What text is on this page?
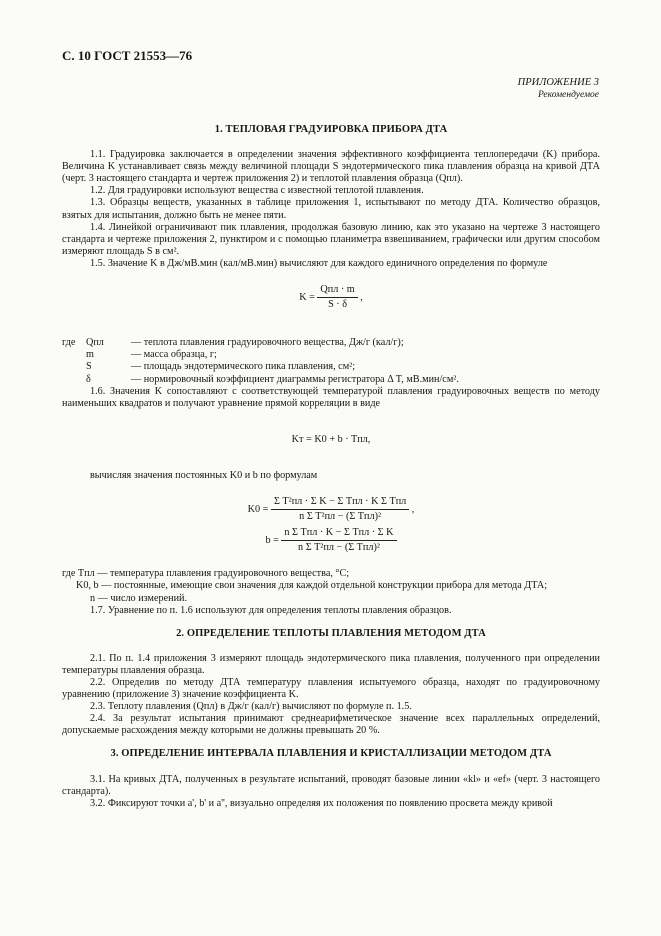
С. 10 ГОСТ 21553—76
ПРИЛОЖЕНИЕ 3
Рекомендуемое
1. ТЕПЛОВАЯ ГРАДУИРОВКА ПРИБОРА ДТА

1.1. Градуировка заключается в определении значения эффективного коэффициента теплопередачи (K) прибора. Величина K устанавливает связь между величиной площади S эндотермического пика плавления образца на кривой ДТА (черт. 3 настоящего стандарта и чертеж приложения 2) и теплотой плавления образца (Qпл).

1.2. Для градуировки используют вещества с известной теплотой плавления.

1.3. Образцы веществ, указанных в таблице приложения 1, испытывают по методу ДТА. Количество образцов, взятых для испытания, должно быть не менее пяти.

1.4. Линейкой ограничивают пик плавления, продолжая базовую линию, как это указано на чертеже 3 настоящего стандарта и чертеже приложения 2, пунктиром и с помощью планиметра взвешиванием, графически или другим способом измеряют площадь S в см².

1.5. Значение K в Дж/мВ.мин (кал/мВ.мин) вычисляют для каждого единичного определения по формуле

$K = \frac{\text{Qпл · m}}{S \cdot \delta}$ ,
где	Qпл	— теплота плавления градуировочного вещества, Дж/г (кал/г);
m	— масса образца, г;
S	— площадь эндотермического пика плавления, см²;
δ	— нормировочный коэффициент диаграммы регистратора Δ T, мВ.мин/см².

1.6. Значения K сопоставляют с соответствующей температурой плавления градуировочных веществ по методу наименьших квадратов и получают уравнение прямой корреляции в виде

Kт = K0 + b · Tпл,

вычисляя значения постоянных K0 и b по формулам

$K0 = \frac{\text{Σ T²пл · Σ K − Σ Tпл · K Σ Tпл}}{\text{n Σ T²пл − (Σ Tпл)²}}$ ,
$b = \frac{\text{n Σ Tпл · K − Σ Tпл · Σ K}}{\text{n Σ T²пл − (Σ Tпл)²}}$

где Tпл — температура плавления градуировочного вещества, °C;

K0, b — постоянные, имеющие свои значения для каждой отдельной конструкции прибора для метода ДТА;

n — число измерений.

1.7. Уравнение по п. 1.6 используют для определения теплоты плавления образцов.

2. ОПРЕДЕЛЕНИЕ ТЕПЛОТЫ ПЛАВЛЕНИЯ МЕТОДОМ ДТА

2.1. По п. 1.4 приложения 3 измеряют площадь эндотермического пика плавления, полученного при определении температуры плавления образца.

2.2. Определив по методу ДТА температуру плавления испытуемого образца, находят по градуировочному уравнению (приложение 3) значение коэффициента K.

2.3. Теплоту плавления (Qпл) в Дж/г (кал/г) вычисляют по формуле п. 1.5.

2.4. За результат испытания принимают среднеарифметическое значение всех параллельных определений, допускаемые расхождения между которыми не должны превышать 20 %.

3. ОПРЕДЕЛЕНИЕ ИНТЕРВАЛА ПЛАВЛЕНИЯ И КРИСТАЛЛИЗАЦИИ МЕТОДОМ ДТА

3.1. На кривых ДТА, полученных в результате испытаний, проводят базовые линии «kl» и «ef» (черт. 3 настоящего стандарта).

3.2. Фиксируют точки a', b' и a'', визуально определяя их положения по появлению просвета между кривой
